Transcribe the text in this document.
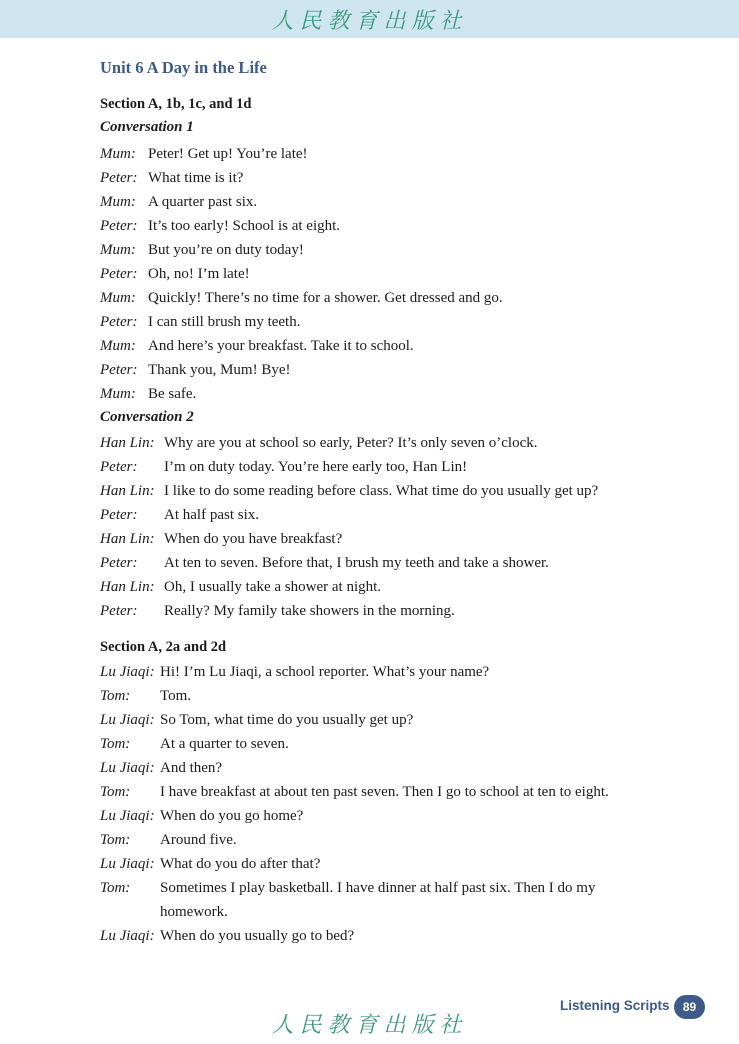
人民教育出版社
Unit 6 A Day in the Life
Section A, 1b, 1c, and 1d
Conversation 1
Mum: Peter! Get up! You’re late!
Peter: What time is it?
Mum: A quarter past six.
Peter: It’s too early! School is at eight.
Mum: But you’re on duty today!
Peter: Oh, no! I’m late!
Mum: Quickly! There’s no time for a shower. Get dressed and go.
Peter: I can still brush my teeth.
Mum: And here’s your breakfast. Take it to school.
Peter: Thank you, Mum! Bye!
Mum: Be safe.
Conversation 2
Han Lin: Why are you at school so early, Peter? It’s only seven o’clock.
Peter: I’m on duty today. You’re here early too, Han Lin!
Han Lin: I like to do some reading before class. What time do you usually get up?
Peter: At half past six.
Han Lin: When do you have breakfast?
Peter: At ten to seven. Before that, I brush my teeth and take a shower.
Han Lin: Oh, I usually take a shower at night.
Peter: Really? My family take showers in the morning.
Section A, 2a and 2d
Lu Jiaqi: Hi! I’m Lu Jiaqi, a school reporter. What’s your name?
Tom: Tom.
Lu Jiaqi: So Tom, what time do you usually get up?
Tom: At a quarter to seven.
Lu Jiaqi: And then?
Tom: I have breakfast at about ten past seven. Then I go to school at ten to eight.
Lu Jiaqi: When do you go home?
Tom: Around five.
Lu Jiaqi: What do you do after that?
Tom: Sometimes I play basketball. I have dinner at half past six. Then I do my homework.
Lu Jiaqi: When do you usually go to bed?
Listening Scripts	89
人民教育出版社
